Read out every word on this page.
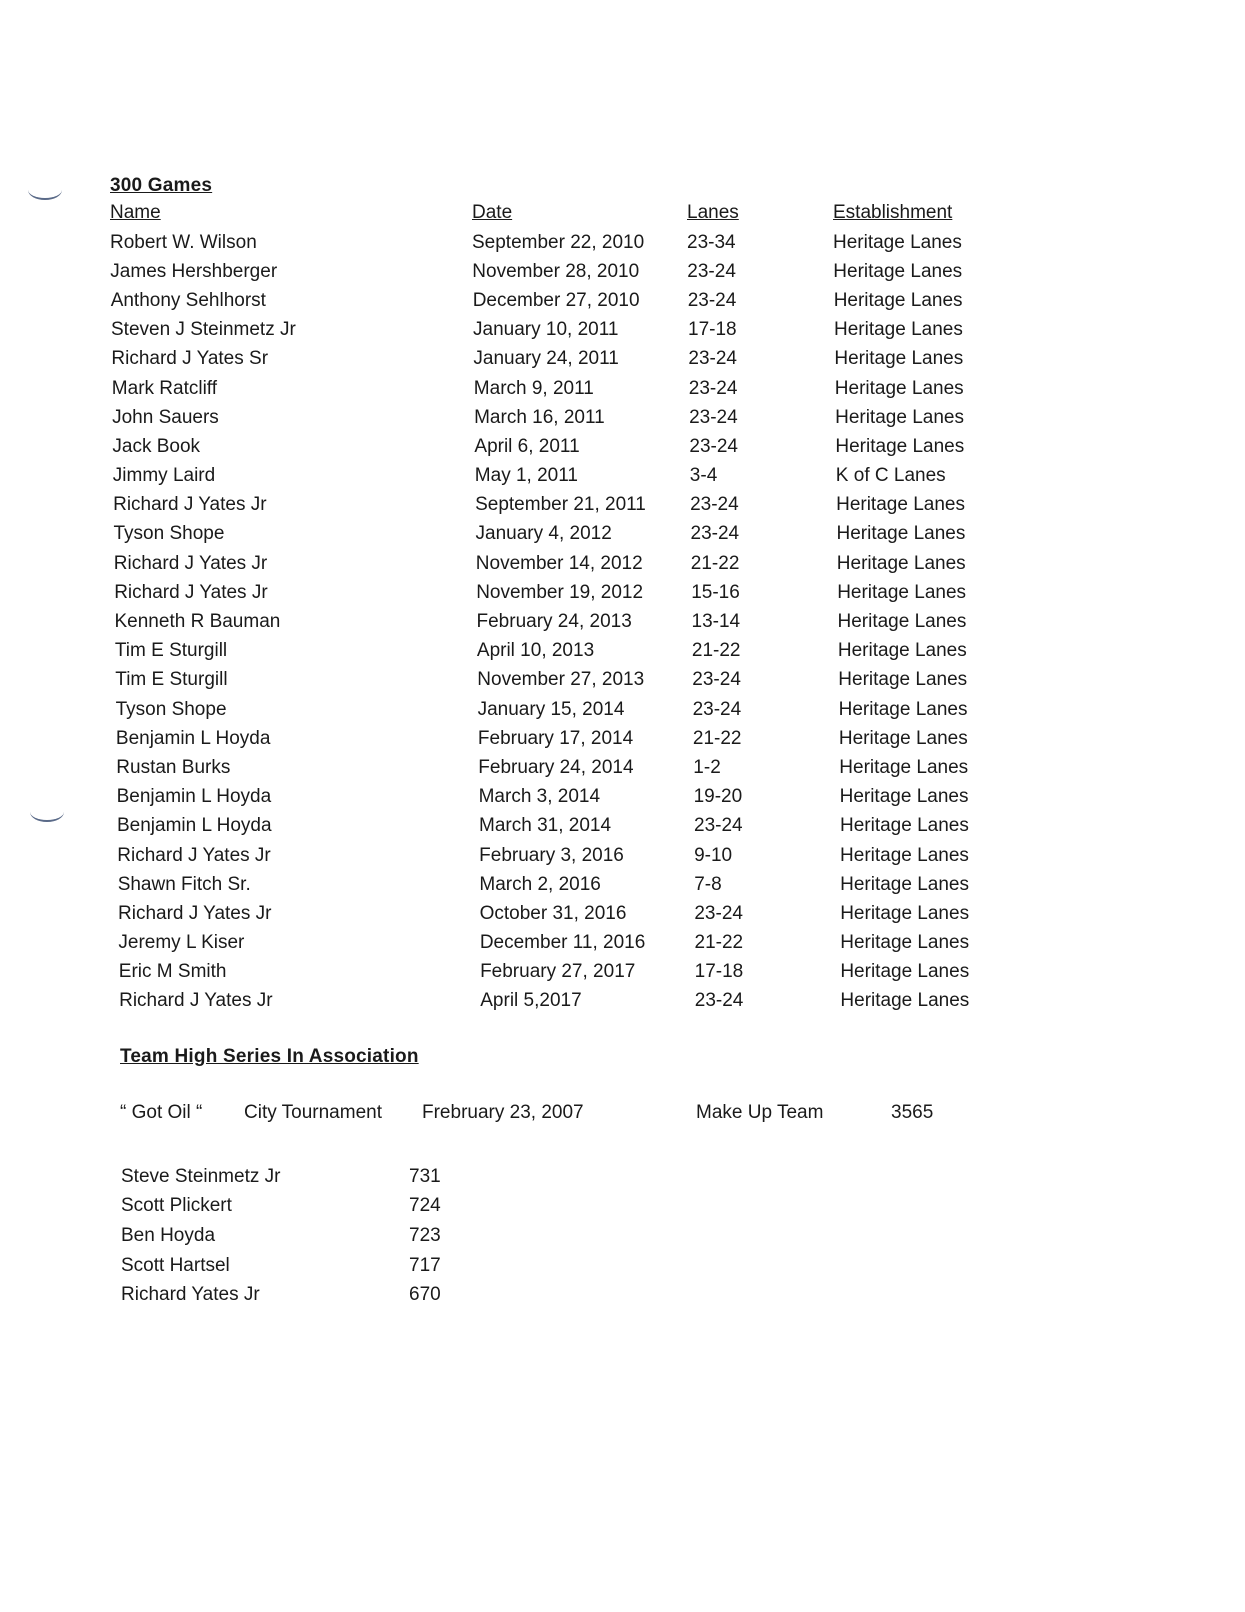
300 Games
Name	Date	Lanes	Establishment
Robert W. Wilson	September 22, 2010	23-34	Heritage Lanes
James Hershberger	November 28, 2010	23-24	Heritage Lanes
Anthony Sehlhorst	December 27, 2010	23-24	Heritage Lanes
Steven J Steinmetz Jr	January 10, 2011	17-18	Heritage Lanes
Richard J Yates Sr	January 24, 2011	23-24	Heritage Lanes
Mark Ratcliff	March 9, 2011	23-24	Heritage Lanes
John Sauers	March 16, 2011	23-24	Heritage Lanes
Jack Book	April 6, 2011	23-24	Heritage Lanes
Jimmy Laird	May 1, 2011	3-4	K of C Lanes
Richard J Yates Jr	September 21, 2011	23-24	Heritage Lanes
Tyson Shope	January 4, 2012	23-24	Heritage Lanes
Richard J Yates Jr	November 14, 2012	21-22	Heritage Lanes
Richard J Yates Jr	November 19, 2012	15-16	Heritage Lanes
Kenneth R Bauman	February 24, 2013	13-14	Heritage Lanes
Tim E Sturgill	April 10, 2013	21-22	Heritage Lanes
Tim E Sturgill	November 27, 2013	23-24	Heritage Lanes
Tyson Shope	January 15, 2014	23-24	Heritage Lanes
Benjamin L Hoyda	February 17, 2014	21-22	Heritage Lanes
Rustan Burks	February 24, 2014	1-2	Heritage Lanes
Benjamin L Hoyda	March 3, 2014	19-20	Heritage Lanes
Benjamin L Hoyda	March 31, 2014	23-24	Heritage Lanes
Richard J Yates Jr	February 3, 2016	9-10	Heritage Lanes
Shawn Fitch Sr.	March 2, 2016	7-8	Heritage Lanes
Richard J Yates Jr	October 31, 2016	23-24	Heritage Lanes
Jeremy L Kiser	December 11, 2016	21-22	Heritage Lanes
Eric M Smith	February 27, 2017	17-18	Heritage Lanes
Richard J Yates Jr	April 5,2017	23-24	Heritage Lanes
Team High Series In Association
“ Got Oil “ City Tournament Frebruary 23, 2007	Make Up Team	3565
Steve Steinmetz Jr	731
Scott Plickert	724
Ben Hoyda	723
Scott Hartsel	717
Richard Yates Jr	670
